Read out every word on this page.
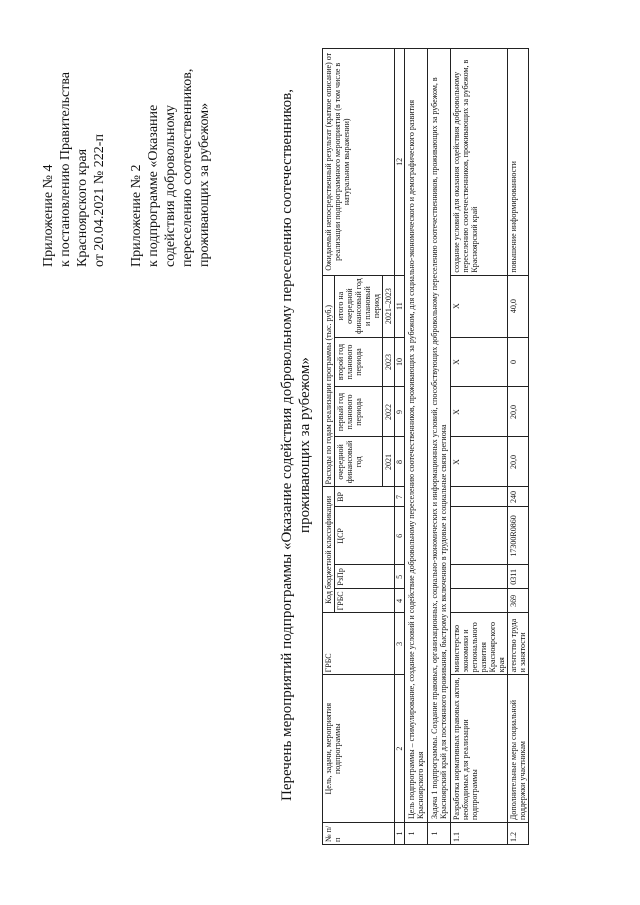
Приложение № 4 к постановлению Правительства Красноярского края от 20.04.2021 № 222-п Приложение № 2 к подпрограмме «Оказание содействия добровольному переселению соотечественников, проживающих за рубежом»	Перечень мероприятий подпрограммы «Оказание содействия добровольному переселению соотечественников, проживающих за рубежом»
№ п/п	Цель, задачи, мероприятия подпрограммы	ГРБС	Код бюджетной классификации				Расходы по годам реализации программы (тыс. руб.)				Ожидаемый непосредственный результат (краткое описание) от реализации подпрограммного мероприятия (в том числе в натуральном выражении)
			ГРБС	РзПр	ЦСР	ВР	очередной финансовый год	первый год планового периода	второй год планового периода	итого на очередной финансовый год и плановый период	
							2021	2022	2023	2021–2023	
1	2	3	4	5	6	7	8	9	10	11	12
1	Цель подпрограммы – стимулирование, создание условий и содействие добровольному переселению соотечественников, проживающих за рубежом, для социально-экономического и демографического развития Красноярского края										
1	Задача 1 подпрограммы. Создание правовых, организационных, социально-экономических и информационных условий, способствующих добровольному переселению соотечественников, проживающих за рубежом, в Красноярский край для постоянного проживания, быстрому их включению в трудовые и социальные связи региона										
1.1	Разработка нормативных правовых актов, необходимых для реализации подпрограммы	министерство экономики и регионального развития Красноярского края					Х	Х	Х	Х	создание условий для оказания содействия добровольному переселению соотечественников, проживающих за рубежом, в Красноярский край
1.2	Дополнительные меры социальной поддержки участникам	агентство труда и занятости	369	0311	17300R0860	240	20,0	20,0	0	40,0	повышение информированности
